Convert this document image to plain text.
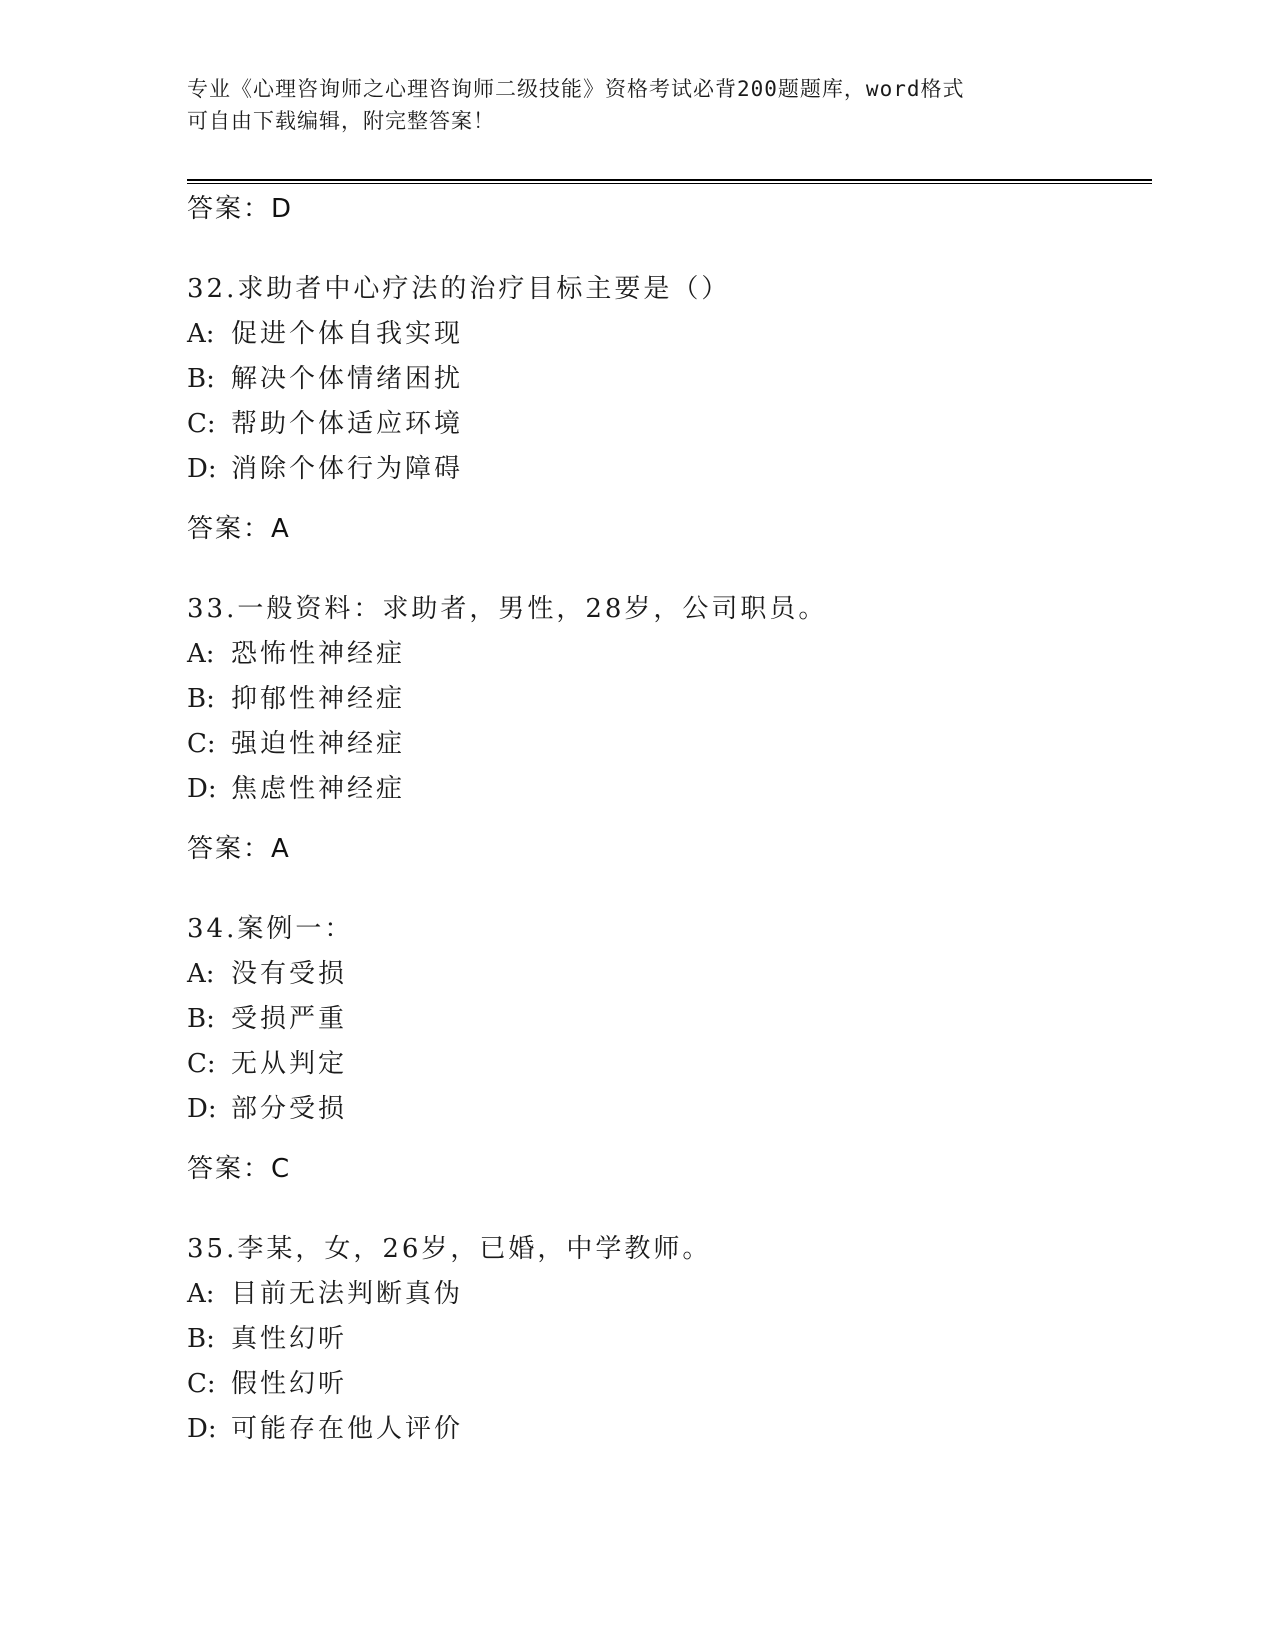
专业《心理咨询师之心理咨询师二级技能》资格考试必背200题题库，word格式
可自由下载编辑，附完整答案！
答案：D
32.求助者中心疗法的治疗目标主要是（）
A: 促进个体自我实现
B: 解决个体情绪困扰
C: 帮助个体适应环境
D: 消除个体行为障碍
答案：A
33.一般资料：求助者，男性，28岁，公司职员。
A: 恐怖性神经症
B: 抑郁性神经症
C: 强迫性神经症
D: 焦虑性神经症
答案：A
34.案例一：
A: 没有受损
B: 受损严重
C: 无从判定
D: 部分受损
答案：C
35.李某，女，26岁，已婚，中学教师。
A: 目前无法判断真伪
B: 真性幻听
C: 假性幻听
D: 可能存在他人评价
